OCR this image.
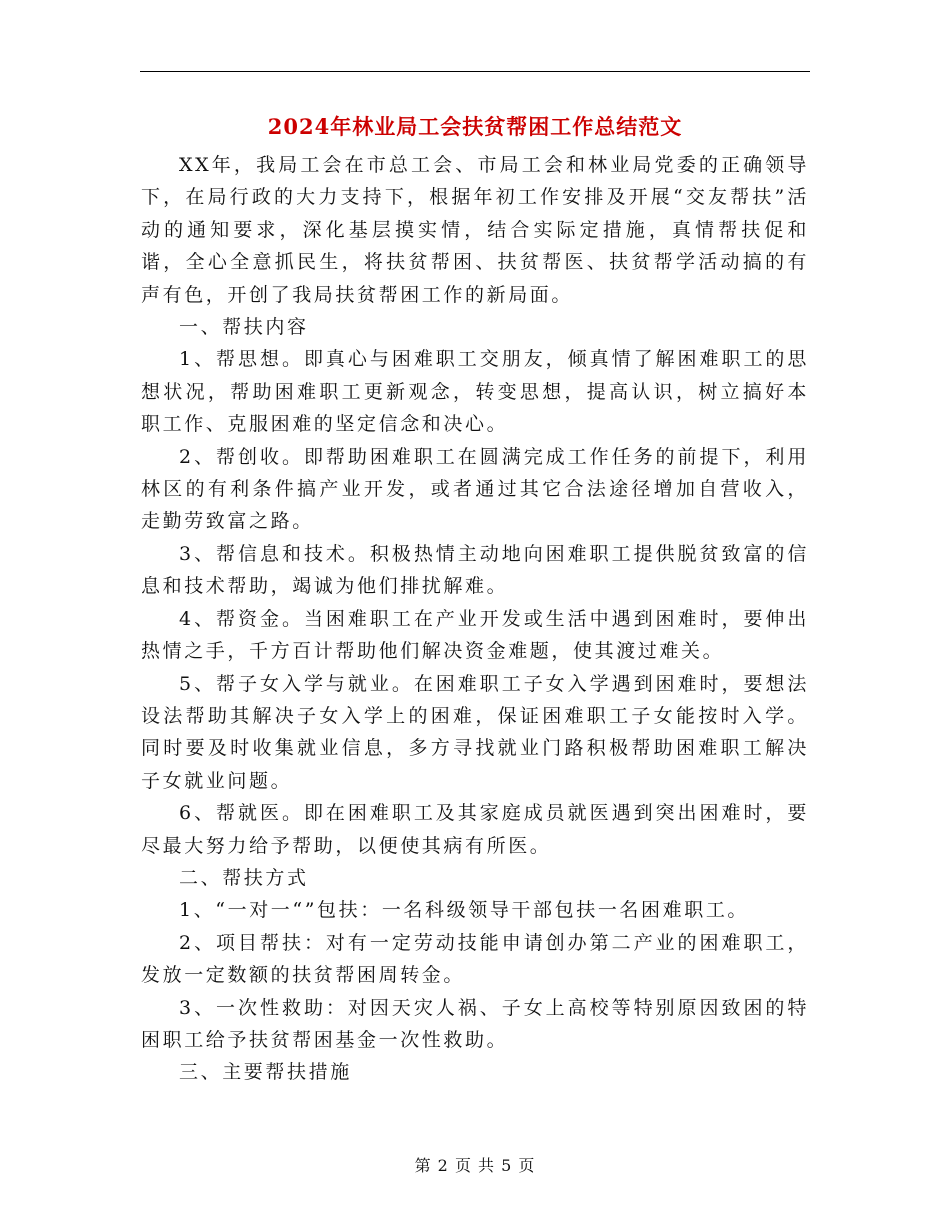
2024年林业局工会扶贫帮困工作总结范文

XX年，我局工会在市总工会、市局工会和林业局党委的正确领导下，在局行政的大力支持下，根据年初工作安排及开展“交友帮扶”活动的通知要求，深化基层摸实情，结合实际定措施，真情帮扶促和谐，全心全意抓民生，将扶贫帮困、扶贫帮医、扶贫帮学活动搞的有声有色，开创了我局扶贫帮困工作的新局面。

一、帮扶内容

1、帮思想。即真心与困难职工交朋友，倾真情了解困难职工的思想状况，帮助困难职工更新观念，转变思想，提高认识，树立搞好本职工作、克服困难的坚定信念和决心。

2、帮创收。即帮助困难职工在圆满完成工作任务的前提下，利用林区的有利条件搞产业开发，或者通过其它合法途径增加自营收入，走勤劳致富之路。

3、帮信息和技术。积极热情主动地向困难职工提供脱贫致富的信息和技术帮助，竭诚为他们排扰解难。

4、帮资金。当困难职工在产业开发或生活中遇到困难时，要伸出热情之手，千方百计帮助他们解决资金难题，使其渡过难关。

5、帮子女入学与就业。在困难职工子女入学遇到困难时，要想法设法帮助其解决子女入学上的困难，保证困难职工子女能按时入学。同时要及时收集就业信息，多方寻找就业门路积极帮助困难职工解决子女就业问题。

6、帮就医。即在困难职工及其家庭成员就医遇到突出困难时，要尽最大努力给予帮助，以便使其病有所医。

二、帮扶方式

1、“一对一“”包扶：一名科级领导干部包扶一名困难职工。

2、项目帮扶：对有一定劳动技能申请创办第二产业的困难职工，发放一定数额的扶贫帮困周转金。

3、一次性救助：对因天灾人祸、子女上高校等特别原因致困的特困职工给予扶贫帮困基金一次性救助。

三、主要帮扶措施

第 2 页 共 5 页
